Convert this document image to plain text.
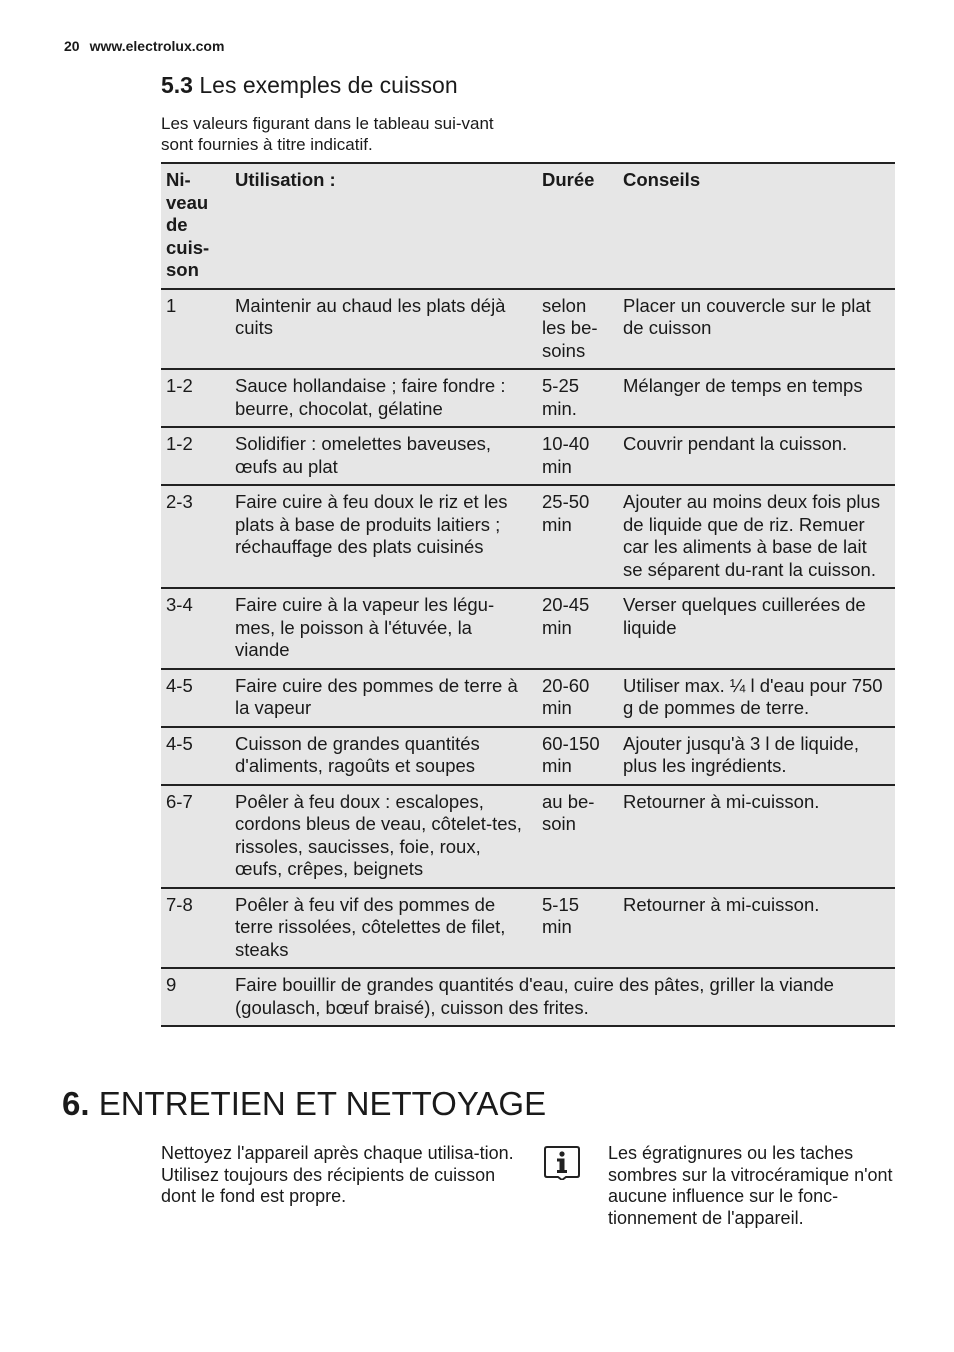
20 www.electrolux.com
5.3 Les exemples de cuisson
Les valeurs figurant dans le tableau sui-vant sont fournies à titre indicatif.
Ni-veau de cuis-son	Utilisation :	Durée	Conseils
1	Maintenir au chaud les plats déjà cuits	selon les be-soins	Placer un couvercle sur le plat de cuisson
1-2	Sauce hollandaise ; faire fondre : beurre, chocolat, gélatine	5-25 min.	Mélanger de temps en temps
1-2	Solidifier : omelettes baveuses, œufs au plat	10-40 min	Couvrir pendant la cuisson.
2-3	Faire cuire à feu doux le riz et les plats à base de produits laitiers ; réchauffage des plats cuisinés	25-50 min	Ajouter au moins deux fois plus de liquide que de riz. Remuer car les aliments à base de lait se séparent du-rant la cuisson.
3-4	Faire cuire à la vapeur les légu-mes, le poisson à l'étuvée, la viande	20-45 min	Verser quelques cuillerées de liquide
4-5	Faire cuire des pommes de terre à la vapeur	20-60 min	Utiliser max. ¼ l d'eau pour 750 g de pommes de terre.
4-5	Cuisson de grandes quantités d'aliments, ragoûts et soupes	60-150 min	Ajouter jusqu'à 3 l de liquide, plus les ingrédients.
6-7	Poêler à feu doux : escalopes, cordons bleus de veau, côtelet-tes, rissoles, saucisses, foie, roux, œufs, crêpes, beignets	au be-soin	Retourner à mi-cuisson.
7-8	Poêler à feu vif des pommes de terre rissolées, côtelettes de filet, steaks	5-15 min	Retourner à mi-cuisson.
9	Faire bouillir de grandes quantités d'eau, cuire des pâtes, griller la viande (goulasch, bœuf braisé), cuisson des frites.		
6. ENTRETIEN ET NETTOYAGE
Nettoyez l'appareil après chaque utilisa-tion.
Utilisez toujours des récipients de cuisson dont le fond est propre.
Les égratignures ou les taches sombres sur la vitrocéramique n'ont aucune influence sur le fonc-tionnement de l'appareil.
